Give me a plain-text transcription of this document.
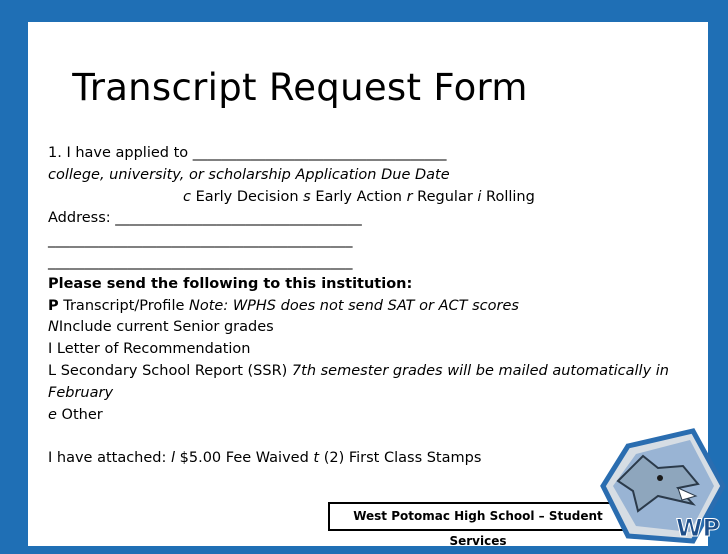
Transcript Request Form
1. I have applied to ___________________________________
college, university, or scholarship Application Due Date
c Early Decision s Early Action r Regular i Rolling
Address: __________________________________
__________________________________________
__________________________________________
Please send the following to this institution:
P Transcript/Profile Note: WPHS does not send SAT or ACT scores
NInclude current Senior grades
I Letter of Recommendation
L Secondary School Report (SSR) 7th semester grades will be mailed automatically in February
e Other
I have attached: l $5.00 Fee Waived t (2) First Class Stamps
West Potomac High School – Student Services	WP
